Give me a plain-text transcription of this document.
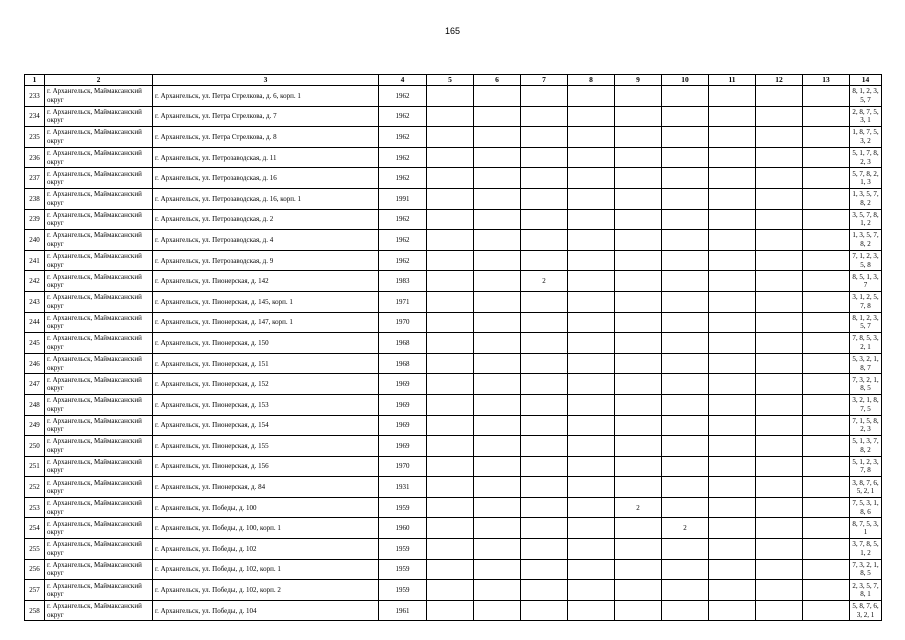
165
1	2	3	4	5	6	7	8	9	10	11	12	13	14
233	г. Архангельск, Маймаксанский округ	г. Архангельск, ул. Петра Стрелкова, д. 6, корп. 1	1962										8, 1, 2, 3, 5, 7
234	г. Архангельск, Маймаксанский округ	г. Архангельск, ул. Петра Стрелкова, д. 7	1962										2, 8, 7, 5, 3, 1
235	г. Архангельск, Маймаксанский округ	г. Архангельск, ул. Петра Стрелкова, д. 8	1962										1, 8, 7, 5, 3, 2
236	г. Архангельск, Маймаксанский округ	г. Архангельск, ул. Петрозаводская, д. 11	1962										5, 1, 7, 8, 2, 3
237	г. Архангельск, Маймаксанский округ	г. Архангельск, ул. Петрозаводская, д. 16	1962										5, 7, 8, 2, 1, 3
238	г. Архангельск, Маймаксанский округ	г. Архангельск, ул. Петрозаводская, д. 16, корп. 1	1991										1, 3, 5, 7, 8, 2
239	г. Архангельск, Маймаксанский округ	г. Архангельск, ул. Петрозаводская, д. 2	1962										3, 5, 7, 8, 1, 2
240	г. Архангельск, Маймаксанский округ	г. Архангельск, ул. Петрозаводская, д. 4	1962										1, 3, 5, 7, 8, 2
241	г. Архангельск, Маймаксанский округ	г. Архангельск, ул. Петрозаводская, д. 9	1962										7, 1, 2, 3, 5, 8
242	г. Архангельск, Маймаксанский округ	г. Архангельск, ул. Пионерская, д. 142	1983			2							8, 5, 1, 3, 7
243	г. Архангельск, Маймаксанский округ	г. Архангельск, ул. Пионерская, д. 145, корп. 1	1971										3, 1, 2, 5, 7, 8
244	г. Архангельск, Маймаксанский округ	г. Архангельск, ул. Пионерская, д. 147, корп. 1	1970										8, 1, 2, 3, 5, 7
245	г. Архангельск, Маймаксанский округ	г. Архангельск, ул. Пионерская, д. 150	1968										7, 8, 5, 3, 2, 1
246	г. Архангельск, Маймаксанский округ	г. Архангельск, ул. Пионерская, д. 151	1968										5, 3, 2, 1, 8, 7
247	г. Архангельск, Маймаксанский округ	г. Архангельск, ул. Пионерская, д. 152	1969										7, 3, 2, 1, 8, 5
248	г. Архангельск, Маймаксанский округ	г. Архангельск, ул. Пионерская, д. 153	1969										3, 2, 1, 8, 7, 5
249	г. Архангельск, Маймаксанский округ	г. Архангельск, ул. Пионерская, д. 154	1969										7, 1, 5, 8, 2, 3
250	г. Архангельск, Маймаксанский округ	г. Архангельск, ул. Пионерская, д. 155	1969										5, 1, 3, 7, 8, 2
251	г. Архангельск, Маймаксанский округ	г. Архангельск, ул. Пионерская, д. 156	1970										5, 1, 2, 3, 7, 8
252	г. Архангельск, Маймаксанский округ	г. Архангельск, ул. Пионерская, д. 84	1931										3, 8, 7, 6, 5, 2, 1
253	г. Архангельск, Маймаксанский округ	г. Архангельск, ул. Победы, д. 100	1959					2					7, 5, 3, 1, 8, 6
254	г. Архангельск, Маймаксанский округ	г. Архангельск, ул. Победы, д. 100, корп. 1	1960						2				8, 7, 5, 3, 1
255	г. Архангельск, Маймаксанский округ	г. Архангельск, ул. Победы, д. 102	1959										3, 7, 8, 5, 1, 2
256	г. Архангельск, Маймаксанский округ	г. Архангельск, ул. Победы, д. 102, корп. 1	1959										7, 3, 2, 1, 8, 5
257	г. Архангельск, Маймаксанский округ	г. Архангельск, ул. Победы, д. 102, корп. 2	1959										2, 3, 5, 7, 8, 1
258	г. Архангельск, Маймаксанский округ	г. Архангельск, ул. Победы, д. 104	1961										5, 8, 7, 6, 3, 2, 1
